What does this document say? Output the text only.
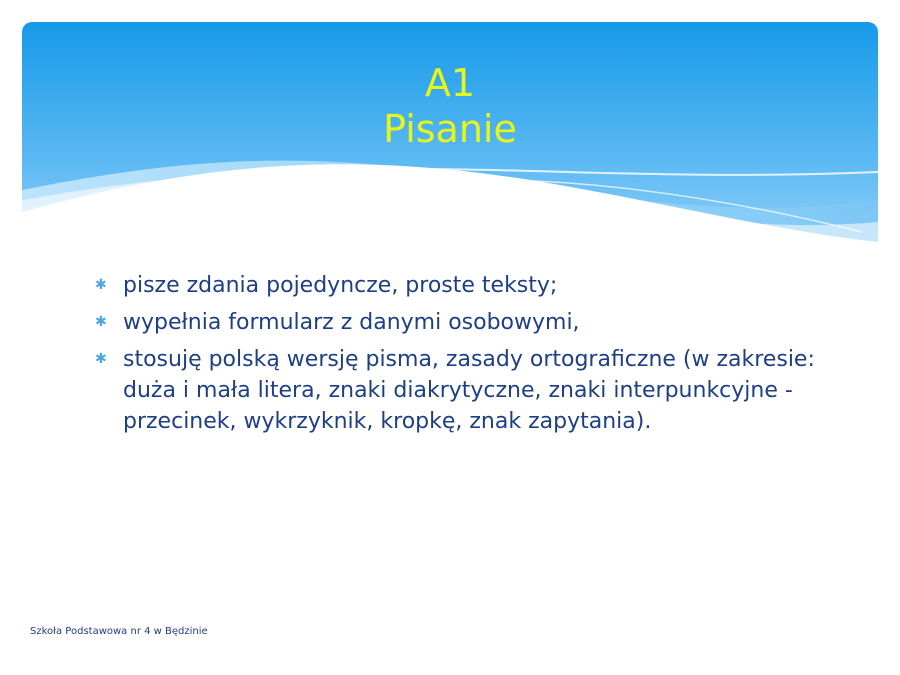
A1
Pisanie
✱ pisze zdania pojedyncze, proste teksty;
✱ wypełnia formularz z danymi osobowymi,
✱ stosuję polską wersję pisma, zasady ortograficzne (w zakresie: duża i mała litera, znaki diakrytyczne, znaki interpunkcyjne - przecinek, wykrzyknik, kropkę, znak zapytania).
Szkoła Podstawowa nr 4 w Będzinie
